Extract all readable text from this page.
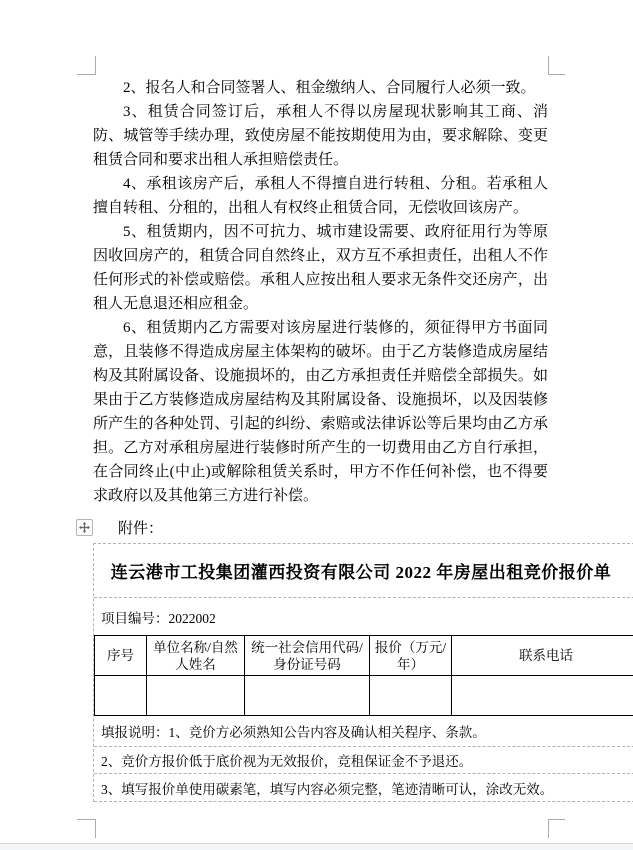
2、报名人和合同签署人、租金缴纳人、合同履行人必须一致。

3、租赁合同签订后，承租人不得以房屋现状影响其工商、消防、城管等手续办理，致使房屋不能按期使用为由，要求解除、变更租赁合同和要求出租人承担赔偿责任。

4、承租该房产后，承租人不得擅自进行转租、分租。若承租人擅自转租、分租的，出租人有权终止租赁合同，无偿收回该房产。

5、租赁期内，因不可抗力、城市建设需要、政府征用行为等原因收回房产的，租赁合同自然终止，双方互不承担责任，出租人不作任何形式的补偿或赔偿。承租人应按出租人要求无条件交还房产，出租人无息退还相应租金。

6、租赁期内乙方需要对该房屋进行装修的，须征得甲方书面同意，且装修不得造成房屋主体架构的破坏。由于乙方装修造成房屋结构及其附属设备、设施损坏的，由乙方承担责任并赔偿全部损失。如果由于乙方装修造成房屋结构及其附属设备、设施损坏，以及因装修所产生的各种处罚、引起的纠纷、索赔或法律诉讼等后果均由乙方承担。乙方对承租房屋进行装修时所产生的一切费用由乙方自行承担，在合同终止(中止)或解除租赁关系时，甲方不作任何补偿，也不得要求政府以及其他第三方进行补偿。

附件：
连云港市工投集团灌西投资有限公司 2022 年房屋出租竞价报价单
项目编号：2022002
序号	单位名称/自然人姓名	统一社会信用代码/身份证号码	报价（万元/年）	联系电话

填报说明：1、竞价方必须熟知公告内容及确认相关程序、条款。
2、竞价方报价低于底价视为无效报价，竞租保证金不予退还。
3、填写报价单使用碳素笔，填写内容必须完整，笔迹清晰可认，涂改无效。
